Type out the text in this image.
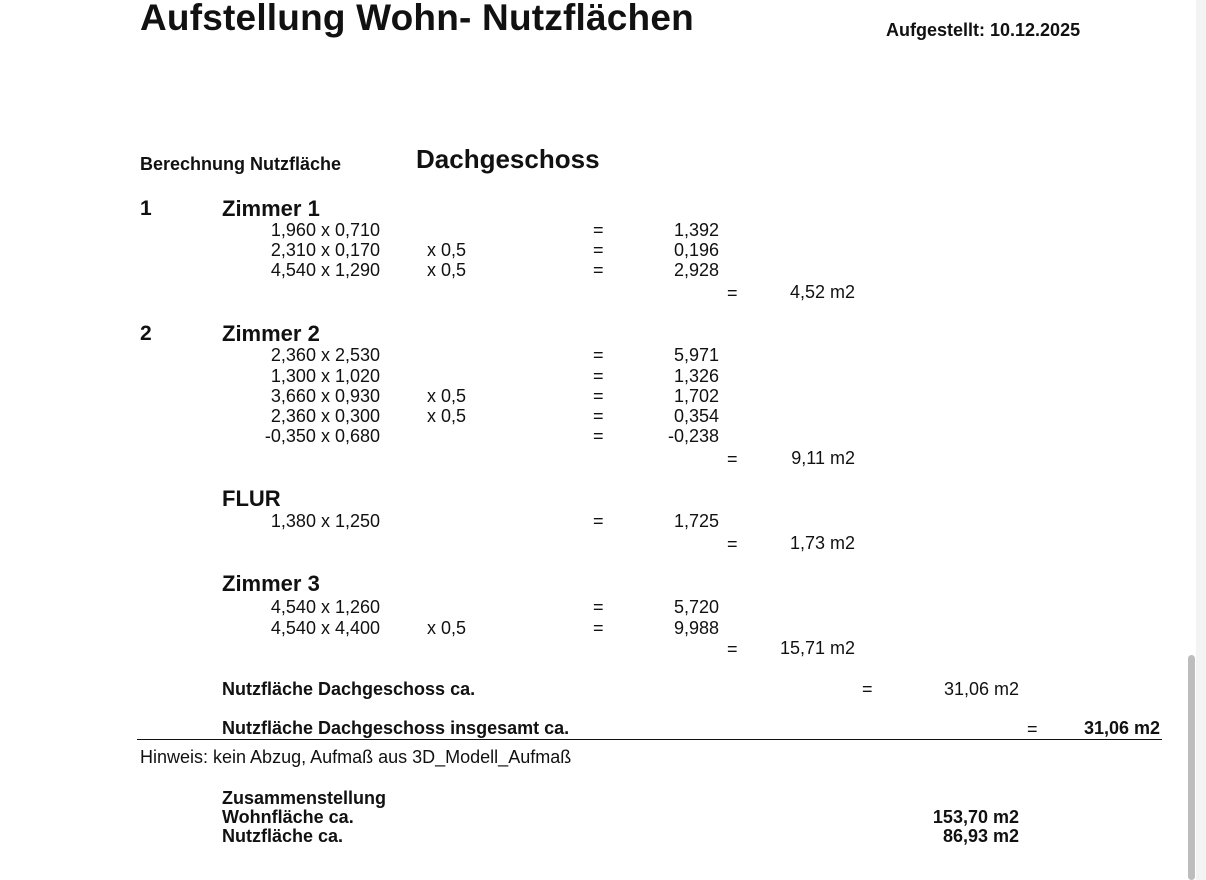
Aufstellung Wohn- Nutzflächen	Aufgestellt: 10.12.2025
Berechnung Nutzfläche	Dachgeschoss
1	Zimmer 1
1,960 x 0,710	=	1,392
2,310 x 0,170	x 0,5	=	0,196
4,540 x 1,290	x 0,5	=	2,928
=	4,52 m2
2	Zimmer 2
2,360 x 2,530	=	5,971
1,300 x 1,020	=	1,326
3,660 x 0,930	x 0,5	=	1,702
2,360 x 0,300	x 0,5	=	0,354
-0,350 x 0,680	=	-0,238
=	9,11 m2
FLUR
1,380 x 1,250	=	1,725
=	1,73 m2
Zimmer 3
4,540 x 1,260	=	5,720
4,540 x 4,400	x 0,5	=	9,988
=	15,71 m2
Nutzfläche Dachgeschoss ca.	=	31,06 m2
Nutzfläche Dachgeschoss insgesamt ca.	=	31,06 m2
Hinweis: kein Abzug, Aufmaß aus 3D_Modell_Aufmaß
Zusammenstellung
Wohnfläche ca.	153,70 m2
Nutzfläche ca.	86,93 m2
